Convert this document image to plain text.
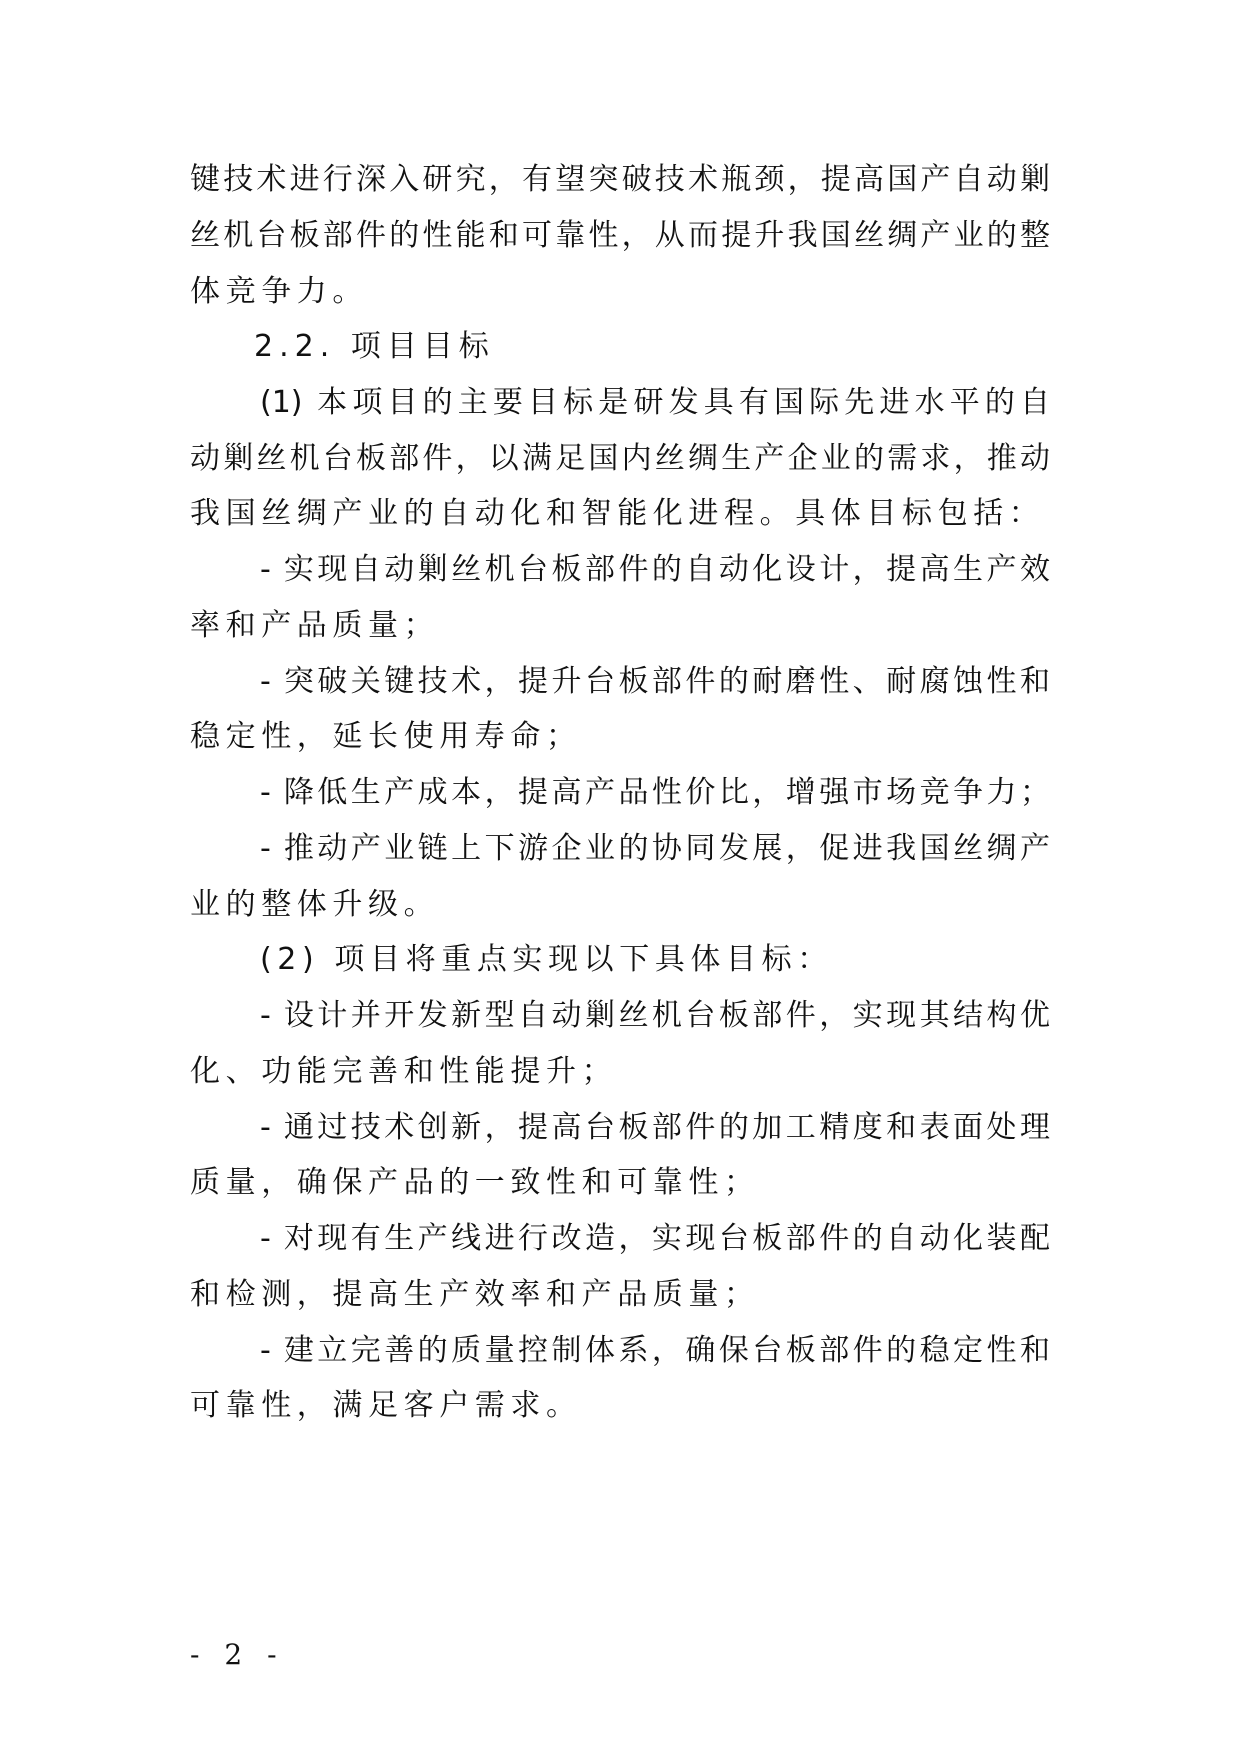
键技术进行深入研究，有望突破技术瓶颈，提高国产自动剿
丝机台板部件的性能和可靠性，从而提升我国丝绸产业的整
体竞争力。
2.2. 项目目标
(1) 本项目的主要目标是研发具有国际先进水平的自
动剿丝机台板部件，以满足国内丝绸生产企业的需求，推动
我国丝绸产业的自动化和智能化进程。具体目标包括：
- 实现自动剿丝机台板部件的自动化设计，提高生产效
率和产品质量；
- 突破关键技术，提升台板部件的耐磨性、耐腐蚀性和
稳定性，延长使用寿命；
- 降低生产成本，提高产品性价比，增强市场竞争力；
- 推动产业链上下游企业的协同发展，促进我国丝绸产
业的整体升级。
(2) 项目将重点实现以下具体目标：
- 设计并开发新型自动剿丝机台板部件，实现其结构优
化、功能完善和性能提升；
- 通过技术创新，提高台板部件的加工精度和表面处理
质量，确保产品的一致性和可靠性；
- 对现有生产线进行改造，实现台板部件的自动化装配
和检测，提高生产效率和产品质量；
- 建立完善的质量控制体系，确保台板部件的稳定性和
可靠性，满足客户需求。
- 2 -
